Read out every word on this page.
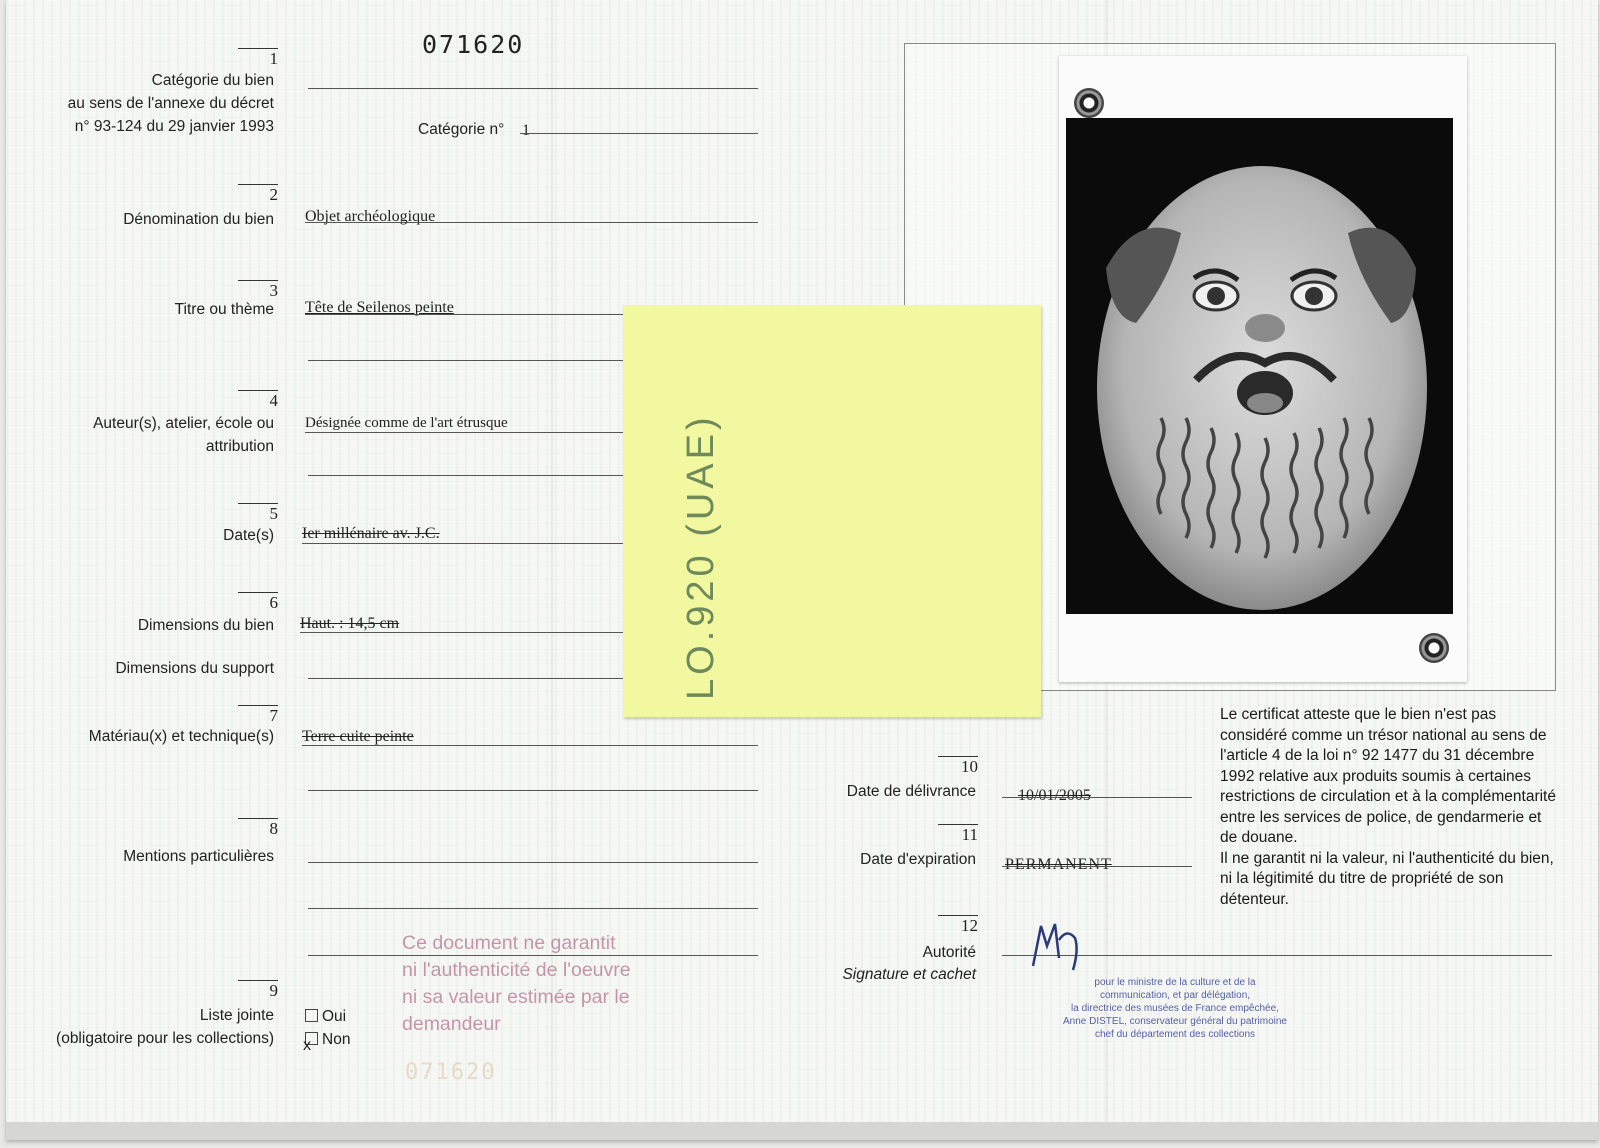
071620
071620
1
Catégorie du bien
au sens de l'annexe du décret
n° 93-124 du 29 janvier 1993	Catégorie n° 1
2
Dénomination du bien Objet archéologique
3
Titre ou thème Tête de Seilenos peinte
4
Auteur(s), atelier, école ou
attribution
Désignée comme de l'art étrusque
5
Date(s) Ier millénaire av. J.C.
6
Dimensions du bien Haut. : 14,5 cm
Dimensions du support
7
Matériau(x) et technique(s) Terre cuite peinte
8
Mentions particulières
Ce document ne garantit
ni l'authenticité de l'oeuvre
ni sa valeur estimée par le
demandeur
9
Liste jointe
(obligatoire pour les collections)
Oui
Non
x
LO.920 (UAE)
10
Date de délivrance	10/01/2005
11
Date d'expiration PERMANENT
12
Autorité
Signature et cachet
Le certificat atteste que le bien n'est pas considéré comme un trésor national au sens de l'article 4 de la loi n° 92 1477 du 31 décembre 1992 relative aux produits soumis à certaines restrictions de circulation et à la complémentarité entre les services de police, de gendarmerie et de douane.
Il ne garantit ni la valeur, ni l'authenticité du bien, ni la légitimité du titre de propriété de son détenteur.
pour le ministre de la culture et de la
communication, et par délégation,
la directrice des musées de France empêchée,
Anne DISTEL, conservateur général du patrimoine
chef du département des collections
